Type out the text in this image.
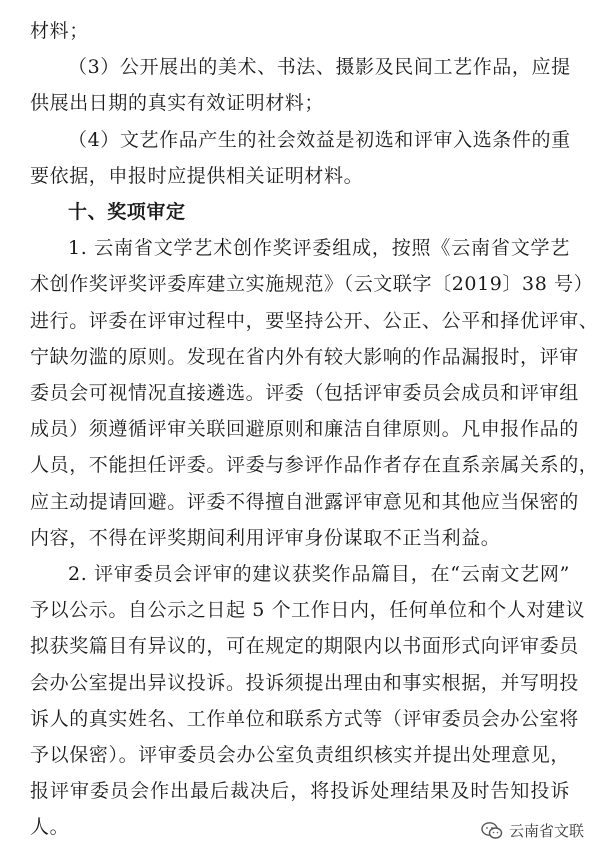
材料；
（3）公开展出的美术、书法、摄影及民间工艺作品，应提
供展出日期的真实有效证明材料；
（4）文艺作品产生的社会效益是初选和评审入选条件的重
要依据，申报时应提供相关证明材料。
十、奖项审定
1. 云南省文学艺术创作奖评委组成，按照《云南省文学艺
术创作奖评奖评委库建立实施规范》（云文联字〔2019〕38 号）
进行。评委在评审过程中，要坚持公开、公正、公平和择优评审、
宁缺勿滥的原则。发现在省内外有较大影响的作品漏报时，评审
委员会可视情况直接遴选。评委（包括评审委员会成员和评审组
成员）须遵循评审关联回避原则和廉洁自律原则。凡申报作品的
人员，不能担任评委。评委与参评作品作者存在直系亲属关系的，
应主动提请回避。评委不得擅自泄露评审意见和其他应当保密的
内容，不得在评奖期间利用评审身份谋取不正当利益。
2. 评审委员会评审的建议获奖作品篇目，在“云南文艺网”
予以公示。自公示之日起 5 个工作日内，任何单位和个人对建议
拟获奖篇目有异议的，可在规定的期限内以书面形式向评审委员
会办公室提出异议投诉。投诉须提出理由和事实根据，并写明投
诉人的真实姓名、工作单位和联系方式等（评审委员会办公室将
予以保密）。评审委员会办公室负责组织核实并提出处理意见，
报评审委员会作出最后裁决后，将投诉处理结果及时告知投诉
人。	云南省文联
